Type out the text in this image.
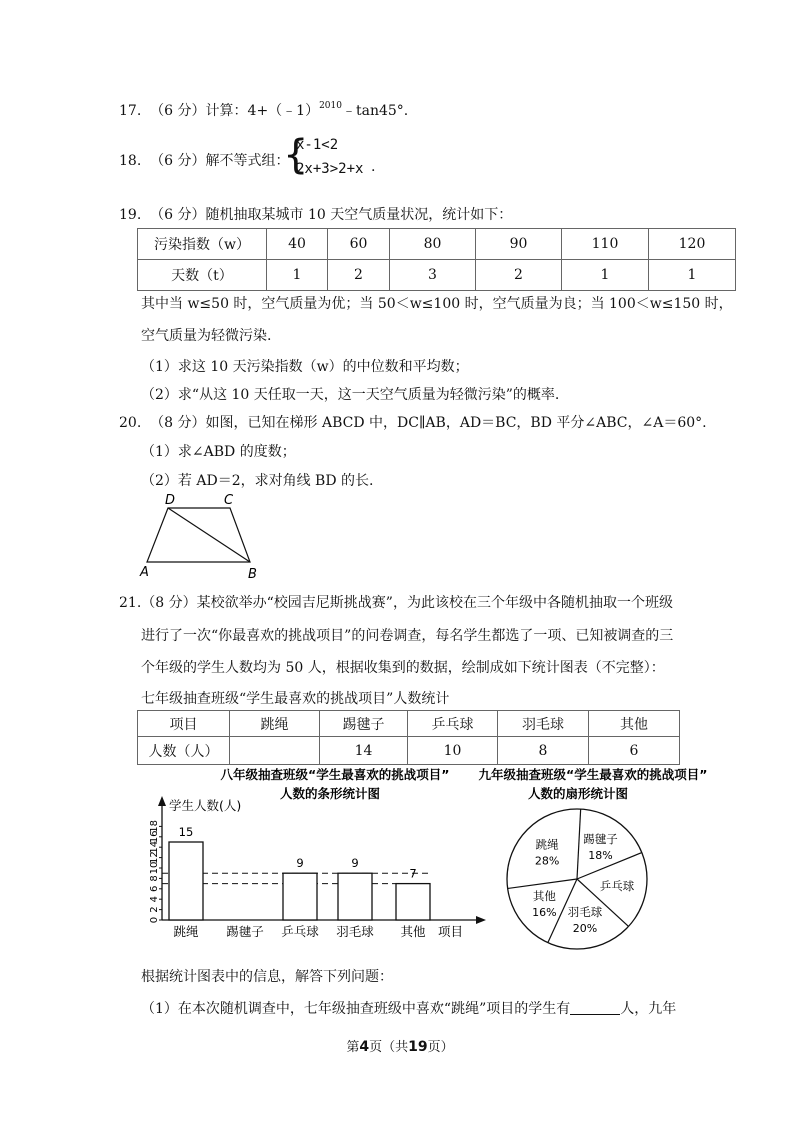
17. （6 分）计算：4+（﹣1）$^{2010}$﹣tan45°.
18. （6 分）解不等式组：
{
x-1<2
2x+3>2+x .
19. （6 分）随机抽取某城市 10 天空气质量状况，统计如下：
污染指数（w）	40	60	80	90	110	120
天数（t）	1	2	3	2	1	1
其中当 w≤50 时，空气质量为优；当 50＜w≤100 时，空气质量为良；当 100＜w≤150 时，
空气质量为轻微污染.
（1）求这 10 天污染指数（w）的中位数和平均数；
（2）求“从这 10 天任取一天，这一天空气质量为轻微污染”的概率.
20. （8 分）如图，已知在梯形 ABCD 中，DC∥AB，AD＝BC，BD 平分∠ABC，∠A＝60°.
（1）求∠ABD 的度数；
（2）若 AD＝2，求对角线 BD 的长.
D	C
A	B
21.（8 分）某校欲举办“校园吉尼斯挑战赛”，为此该校在三个年级中各随机抽取一个班级
进行了一次“你最喜欢的挑战项目”的问卷调查，每名学生都选了一项、已知被调查的三
个年级的学生人数均为 50 人，根据收集到的数据，绘制成如下统计图表（不完整）：
七年级抽查班级“学生最喜欢的挑战项目”人数统计
项目	跳绳	踢毽子	乒乓球	羽毛球	其他
人数（人）		14	10	8	6
八年级抽查班级“学生最喜欢的挑战项目”
人数的条形统计图
学生人数(人)
项目
0
2
4
6
8
10
12
14
16
18 15
跳绳 踢毽子
9
乒乓球
9
羽毛球
7
其他
九年级抽查班级“学生最喜欢的挑战项目”
人数的扇形统计图
踢毽子
18%
乒乓球
羽毛球
20%
其他
16%
跳绳
28%
根据统计图表中的信息，解答下列问题：
（1）在本次随机调查中，七年级抽查班级中喜欢“跳绳”项目的学生有	人，九年
第4页（共19页）
